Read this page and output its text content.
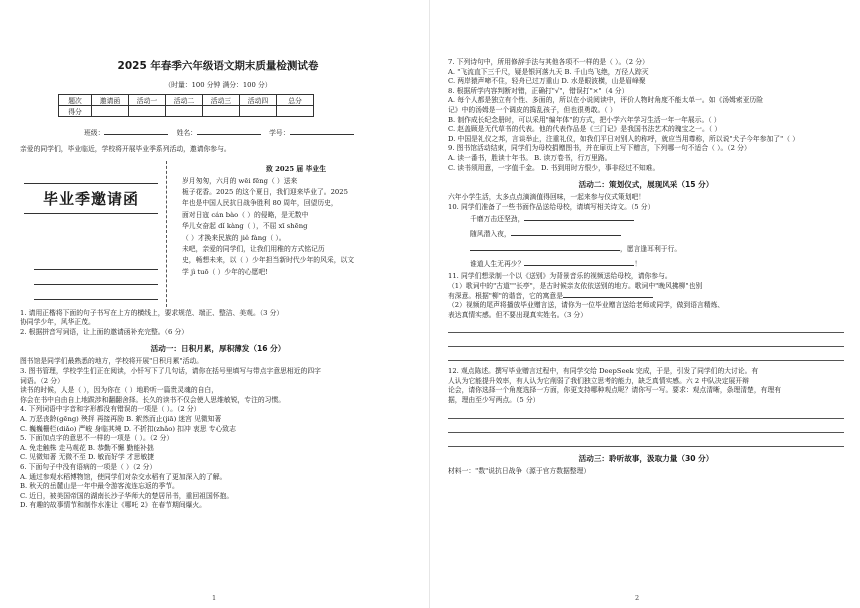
2025 年春季六年级语文期末质量检测试卷
（时量：100 分钟 满分：100 分）
题次	邀请函	活动一	活动二	活动三	活动四	总分
得分						
班级：	姓名：	学号：

亲爱的同学们，毕业临近，学校将开展毕业季系列活动，邀请你参与。

毕业季邀请函
致 2025 届 毕业生

岁月匆匆，六月的 wēi fēng（ ）送来

栀子花香。2025 的这个夏日，我们迎来毕业了。2025

年也是中国人民抗日战争胜利 80 周年，回望历史，

面对日寇 cán bào（ ）的侵略，是无数中

华儿女奋起 dǐ kàng（ ），不屈 xī shēng

（ ）才换来民族的 jiě fàng（ ）。

未吧，亲爱的同学们，让我们用稚的方式铭记历

史，畅想未来，以（ ）少年担当新时代少年的风采，以文

学 jì tuō（ ）少年的心愿吧!

1. 请用正楷将下面的句子书写在上方的横线上，要求规范、端正、整洁、美观。（3 分）

协同学少年，风华正茂。

2. 根据拼音写词语，让上面的邀请函补充完整。（6 分）

活动一：日积月累，厚积薄发（16 分）

图书馆是同学们最熟悉的地方，学校将开展"日积月累"活动。

3. 图书管理，学校学生们正在阅读，小钎写下了几句话，请你在括号里填写与带点字意思相近的四字

词语。（2 分）

读书的时候，人是（ ），因为你在（ ）地聆听一篇贵灵魂的自白，

你会在书中自由自上地跋涉和翻翻舍择。长久的读书不仅会使人思维敏锐，专注的习惯。

4. 下列词语中字音和字形都没有错误的一项是（ ）。（2 分）

A. 万恶丧龄(gēng) 殃抨 再接再励 B. 絮然而止(jiā) 迷宫 见微知著

C. 巍巍栅栏(diǎo) 严峻 身临其境 D. 不折扣(zhǎo) 扣冲 衷思 专心致志

5. 下面加点字的意思不一样的一项是（ ）。（2 分）

A. 免走触株 走马观花 B. 恭勤不懈 勤能补拙

C. 见微知著 无微不至 D. 敏而好学 才思敏捷

6. 下面句子中没有语病的一项是（ ）（2 分）

A. 通过参观水稻博物馆，使同学们对杂交水稻有了更加深入的了解。

B. 秋天的岳麓山是一年中最令游客流连忘返的季节。

C. 近日，被美国帝国的湖南长沙子华师大的楚居吊书，重回祖国怀抱。

D. 有趣的故事情节和制作水准让《哪吒 2》在春节期间爆火。

1

7. 下列诗句中，所用修辞手法与其他各项不一样的是（ ）。（2 分）

A. "飞流直下三千尺，疑是银河落九天 B. 千山鸟飞绝，万径人踪灭

C. 两岸猿声啼不住，轻舟已过万重山 D. 水是眼波横，山是眉峰聚

8. 根据所学内容判断对错，正确打"√"，错误打"×"（4 分）

A. 每个人都是独立有个性、多面的，所以在小说阅读中，评价人物时角度不能太单一。如《汤姆索亚历险

记》中的汤姆是一个调皮的捣乱孩子，但也很勇敢。（ ）

B. 制作成长纪念册时，可以采用"编年体"的方式，把小学六年学习生活一年一年展示。（ ）

C. 赵盖顾是无代草书的代表。他的代表作品是《三门记》是我国书法艺术的瑰宝之一。（ ）

D. 中国是礼仪之邦，言谈举止，注重礼仪，如我们平日对别人的称呼，就应当用尊称，所以说"犬子今年参加了"（ ）

9. 图书馆活动结束，同学们为母校捐赠图书，并在扉页上写下赠言，下列哪一句不适合（ ）。（2 分）

A. 读一番书，胜读十年书。 B. 读万卷书，行万里路。

C. 读书须用意，一字值千金。 D. 书到用时方恨少，事非经过不知难。

活动二：策划仪式，展现风采（15 分）

六年小学生活，太多点点滴滴值得回味，一起来参与仪式策划吧！

10. 同学们准备了一些书面作品送给母校，请填写相关诗文。（5 分）

千磨万击还坚劲，

随风潜入夜，

，愿言逢耳利于行。

谁道人生无再少？	！

11. 同学们想录制一个以《送别》为背景音乐的视频送给母校，请你参与。

（1）歌词中的"古道""长亭"，是古时候亲友依依送别的地方。歌词中"晚风拂柳"也别

有深意。根据"柳"的谐音，它的寓意是

（2）视频的尾声将播放毕业赠言送，请你为一位毕业赠言送给老师或同学，做到语言精炼、

表达真情实感。但不要出现真实姓名。（3 分）

12. 观点陈述。撰写毕业赠言过程中，有同学交给 DeepSeek 完成，于是，引发了同学们的大讨论。有

人认为它能提升效率，有人认为它削弱了我们独立思考的能力，缺乏真情实感。六 2 中队决定展开辩

论会，请你选择一个角度选择一方面，你更支持哪种观点呢？请你写一写。要求：观点清晰，条理清楚，有理有

据，理由至少写两点。（5 分）

活动三：聆听故事，汲取力量（30 分）

材料一："数"说抗日战争（源于官方数据整理）

2
